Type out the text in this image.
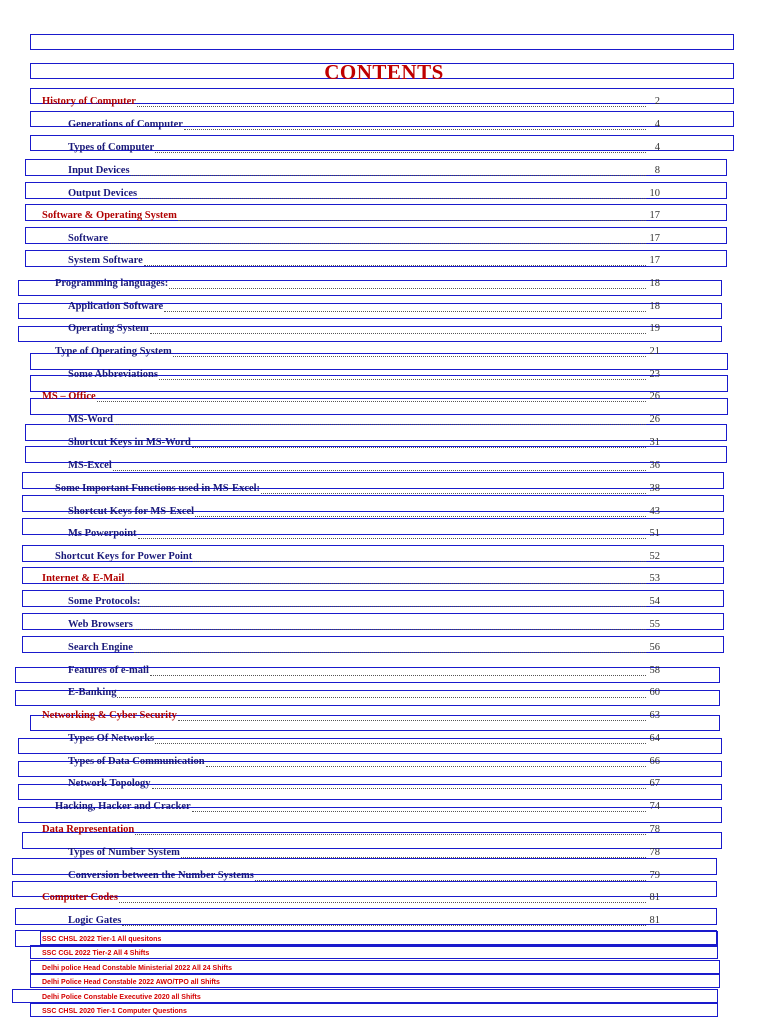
CONTENTS
History of Computer	2
Generations of Computer	4
Types of Computer	4
Input Devices	8
Output Devices	10
Software & Operating System	17
Software	17
System Software	17
Programming languages:	18
Application Software	18
Operating System	19
Type of Operating System	21
Some Abbreviations	23
MS – Office	26
MS-Word	26
Shortcut Keys in MS-Word	31
MS-Excel	36
Some Important Functions used in MS-Excel:	38
Shortcut Keys for MS-Excel	43
Ms Powerpoint	51
Shortcut Keys for Power Point	52
Internet & E-Mail	53
Some Protocols:	54
Web Browsers	55
Search Engine	56
Features of e-mail	58
E-Banking	60
Networking & Cyber Security	63
Types Of Networks	64
Types of Data Communication	66
Network Topology	67
Hacking, Hacker and Cracker	74
Data Representation	78
Types of Number System	78
Conversion between the Number Systems	79
Computer Codes	81
Logic Gates	81
SSC CHSL 2022 Tier-1 All quesitons
SSC CGL 2022 Tier-2 All 4 Shifts
Delhi police Head Constable Ministerial 2022 All 24 Shifts
Delhi Police Head Constable 2022 AWO/TPO all Shifts
Delhi Police Constable Executive 2020 all Shifts
SSC CHSL 2020 Tier-1 Computer Questions
